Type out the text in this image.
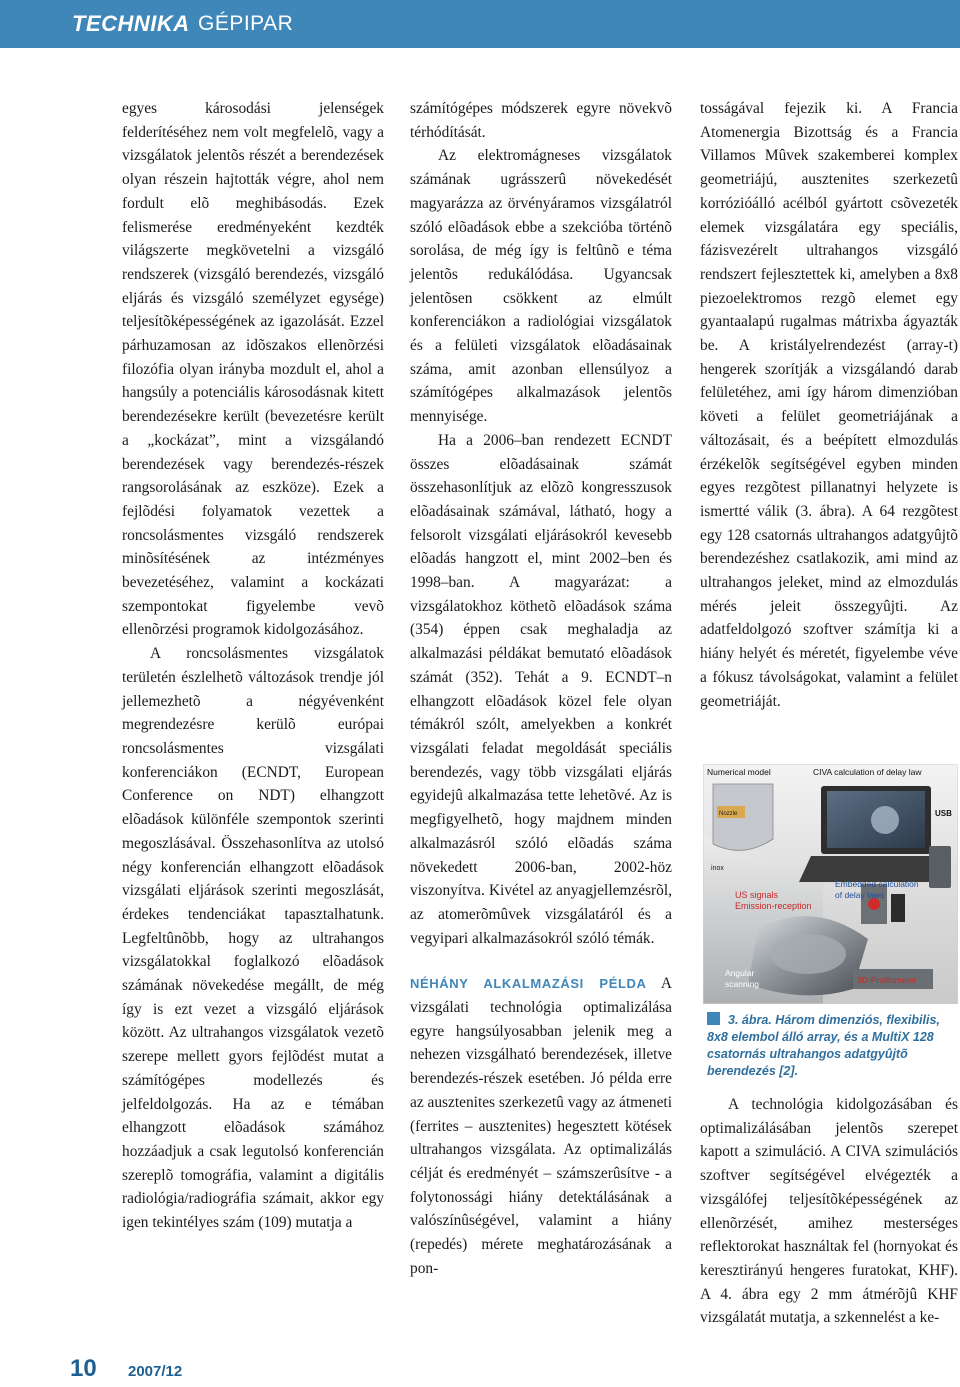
TECHNIKA GÉPIPAR

egyes károsodási jelenségek felderítéséhez nem volt megfelelõ, vagy a vizsgálatok jelentõs részét a berendezések olyan részein hajtották végre, ahol nem fordult elõ meghibásodás. Ezek felismerése eredményeként kezdték világszerte megkövetelni a vizsgáló rendszerek (vizsgáló berendezés, vizsgáló eljárás és vizsgáló személyzet egysége) teljesítõképességének az igazolását. Ezzel párhuzamosan az idõszakos ellenõrzési filozófia olyan irányba mozdult el, ahol a hangsúly a potenciális károsodásnak kitett berendezésekre került (bevezetésre került a „kockázat”, mint a vizsgálandó berendezések vagy berendezés-részek rangsorolásának az eszköze). Ezek a fejlõdési folyamatok vezettek a roncsolásmentes vizsgáló rendszerek minõsítésének az intézményes bevezetéséhez, valamint a kockázati szempontokat figyelembe vevõ ellenõrzési programok kidolgozásához.

A roncsolásmentes vizsgálatok területén észlelhetõ változások trendje jól jellemezhetõ a négyévenként megrendezésre kerülõ európai roncsolásmentes vizsgálati konferenciákon (ECNDT, European Conference on NDT) elhangzott elõadások különféle szempontok szerinti megoszlásával. Összehasonlítva az utolsó négy konferencián elhangzott elõadások vizsgálati eljárások szerinti megoszlását, érdekes tendenciákat tapasztalhatunk. Legfeltûnõbb, hogy az ultrahangos vizsgálatokkal foglalkozó elõadások számának növekedése megállt, de még így is ezt vezet a vizsgáló eljárások között. Az ultrahangos vizsgálatok vezetõ szerepe mellett gyors fejlõdést mutat a számítógépes modellezés és jelfeldolgozás. Ha az e témában elhangzott elõadások számához hozzáadjuk a csak legutolsó konferencián szereplõ tomográfia, valamint a digitális radiológia/radiográfia számait, akkor egy igen tekintélyes szám (109) mutatja a

számítógépes módszerek egyre növekvõ térhódítását.

Az elektromágneses vizsgálatok számának ugrásszerû növekedését magyarázza az örvényáramos vizsgálatról szóló elõadások ebbe a szekcióba történõ sorolása, de még így is feltûnõ e téma jelentõs redukálódása. Ugyancsak jelentõsen csökkent az elmúlt konferenciákon a radiológiai vizsgálatok és a felületi vizsgálatok elõadásainak száma, amit azonban ellensúlyoz a számítógépes alkalmazások jelentõs mennyisége.

Ha a 2006–ban rendezett ECNDT összes elõadásainak számát összehasonlítjuk az elõzõ kongresszusok elõadásainak számával, látható, hogy a felsorolt vizsgálati eljárásokról kevesebb elõadás hangzott el, mint 2002–ben és 1998–ban. A magyarázat: a vizsgálatokhoz köthetõ elõadások száma (354) éppen csak meghaladja az alkalmazási példákat bemutató elõadások számát (352). Tehát a 9. ECNDT–n elhangzott elõadások közel fele olyan témákról szólt, amelyekben a konkrét vizsgálati feladat megoldását speciális berendezés, vagy több vizsgálati eljárás egyidejû alkalmazása tette lehetõvé. Az is megfigyelhetõ, hogy majdnem minden alkalmazásról szóló elõadás száma növekedett 2006-ban, 2002-höz viszonyítva. Kivétel az anyagjellemzésrõl, az atomerõmûvek vizsgálatáról és a vegyipari alkalmazásokról szóló témák.

NÉHÁNY ALKALMAZÁSI PÉLDA A vizsgálati technológia optimalizálása egyre hangsúlyosabban jelenik meg a nehezen vizsgálható berendezések, illetve berendezés-részek esetében. Jó példa erre az ausztenites szerkezetû vagy az átmeneti (ferrites – ausztenites) hegesztett kötések ultrahangos vizsgálata. Az optimalizálás célját és eredményét – számszerûsítve - a folytonossági hiány detektálásának a valószínûségével, valamint a hiány (repedés) mérete meghatározásának a pon-

tosságával fejezik ki. A Francia Atomenergia Bizottság és a Francia Villamos Mûvek szakemberei komplex geometriájú, ausztenites szerkezetû korrózióálló acélból gyártott csõvezeték elemek vizsgálatára egy speciális, fázisvezérelt ultrahangos vizsgáló rendszert fejlesztettek ki, amelyben a 8x8 piezoelektromos rezgõ elemet egy gyantaalapú rugalmas mátrixba ágyazták be. A kristályelrendezést (array-t) hengerek szorítják a vizsgálandó darab felületéhez, ami így három dimenzióban követi a felület geometriájának a változásait, és a beépített elmozdulás érzékelõk segítségével egyben minden egyes rezgõtest pillanatnyi helyzete is ismertté válik (3. ábra). A 64 rezgõtest egy 128 csatornás ultrahangos adatgyûjtõ berendezéshez csatlakozik, ami mind az ultrahangos jeleket, mind az elmozdulás mérés jeleit összegyûjti. Az adatfeldolgozó szoftver számítja ki a hiány helyét és méretét, figyelembe véve a fókusz távolságokat, valamint a felület geometriáját.

Numerical model	CIVA calculation of delay law
USB
Nozzle
inox
US signals
Emission-reception
Embedded calculation
of delay laws
Angular
scanning	3D-Profilometer
3. ábra. Három dimenziós, flexibilis, 8x8 elembol álló array, és a MultiX 128 csatornás ultrahangos adatgyûjtõ berendezés [2].

A technológia kidolgozásában és optimalizálásában jelentõs szerepet kapott a szimuláció. A CIVA szimulációs szoftver segítségével elvégezték a vizsgálófej teljesítõképességének az ellenõrzését, amihez mesterséges reflektorokat használtak fel (hornyokat és keresztirányú hengeres furatokat, KHF). A 4. ábra egy 2 mm átmérõjû KHF vizsgálatát mutatja, a szkennelést a ke-

10 2007/12
